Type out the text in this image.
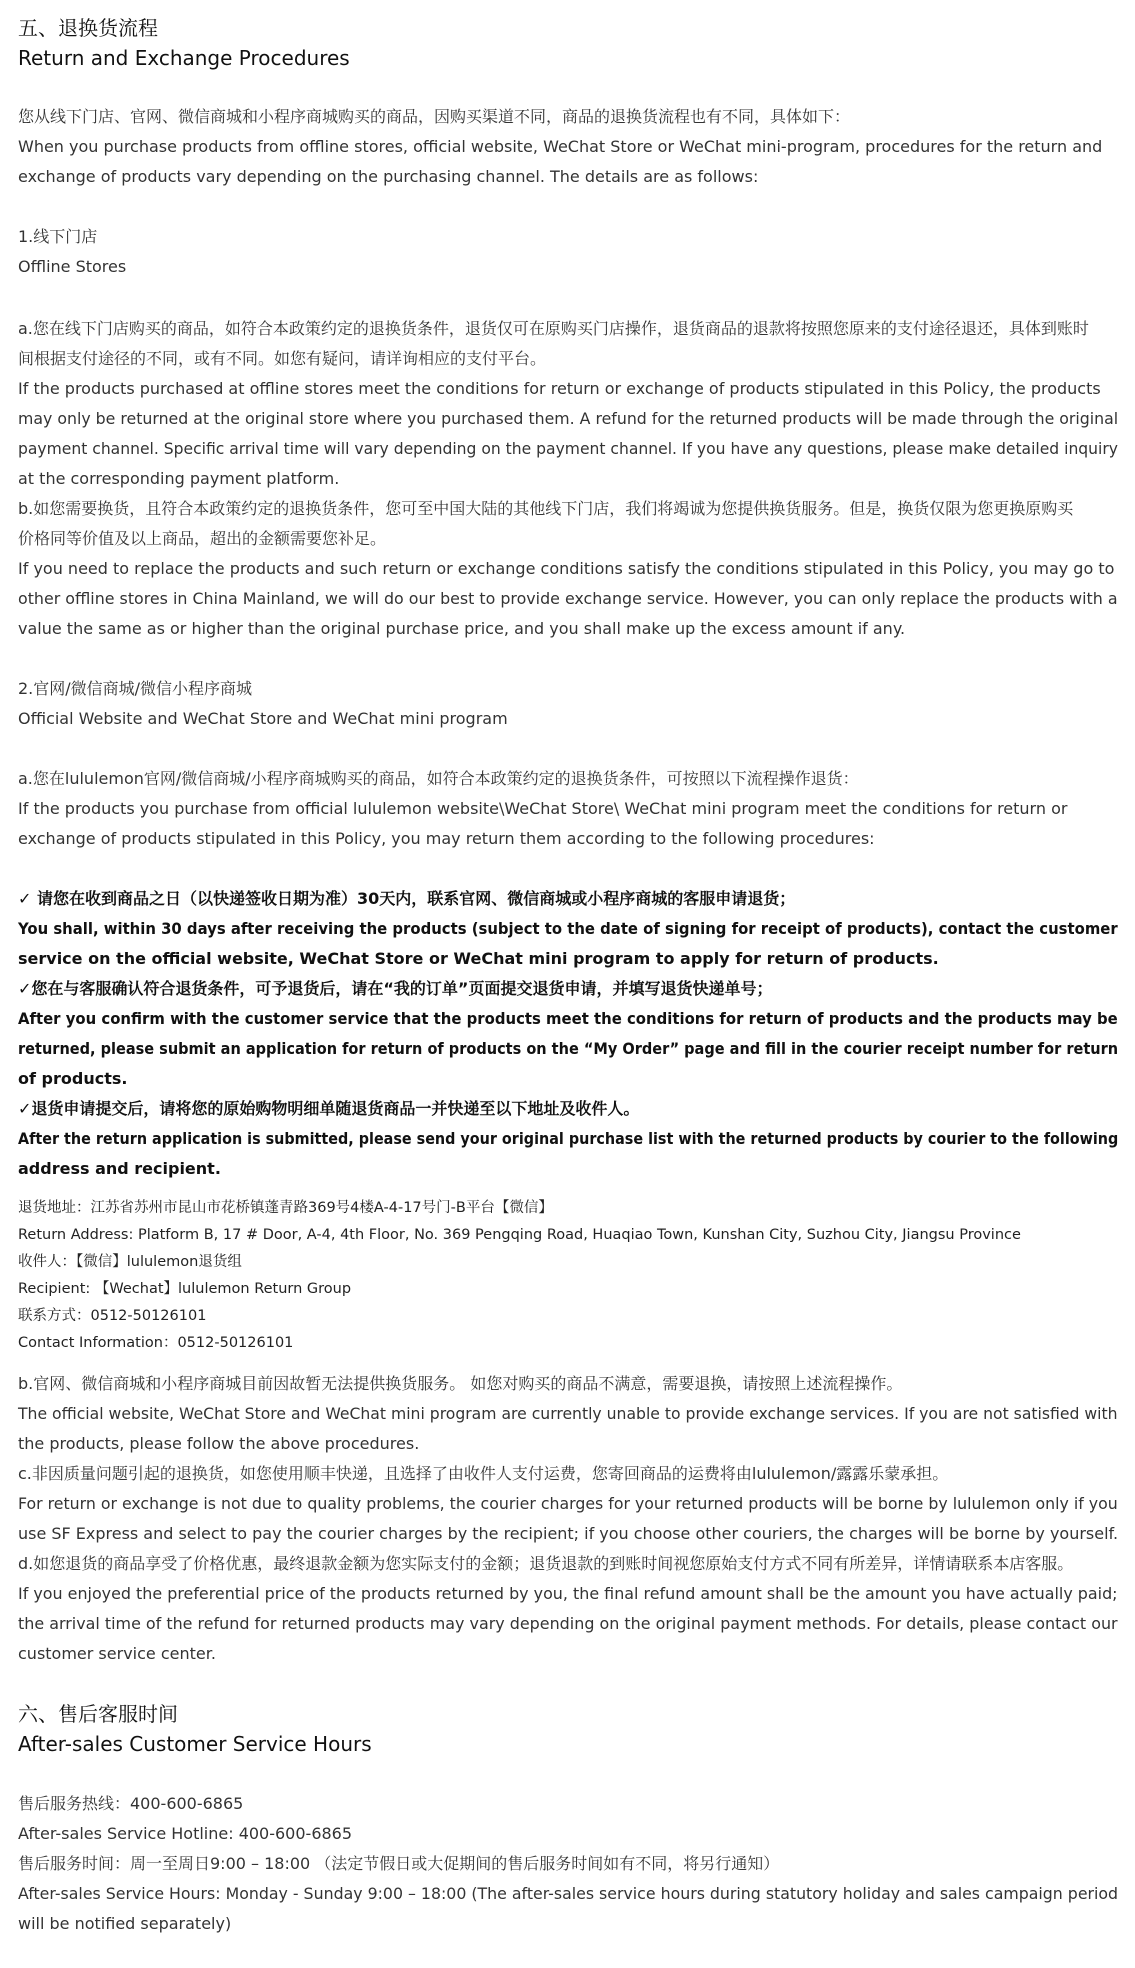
五、退换货流程
Return and Exchange Procedures
您从线下门店、官网、微信商城和小程序商城购买的商品，因购买渠道不同，商品的退换货流程也有不同，具体如下：
When you purchase products from offline stores, official website, WeChat Store or WeChat mini-program, procedures for the return and
exchange of products vary depending on the purchasing channel. The details are as follows:
1.线下门店
Offline Stores
a.您在线下门店购买的商品，如符合本政策约定的退换货条件，退货仅可在原购买门店操作，退货商品的退款将按照您原来的支付途径退还，具体到账时
间根据支付途径的不同，或有不同。如您有疑问，请详询相应的支付平台。
If the products purchased at offline stores meet the conditions for return or exchange of products stipulated in this Policy, the products
may only be returned at the original store where you purchased them. A refund for the returned products will be made through the original
payment channel. Specific arrival time will vary depending on the payment channel. If you have any questions, please make detailed inquiry
at the corresponding payment platform.
b.如您需要换货，且符合本政策约定的退换货条件，您可至中国大陆的其他线下门店，我们将竭诚为您提供换货服务。但是，换货仅限为您更换原购买
价格同等价值及以上商品，超出的金额需要您补足。
If you need to replace the products and such return or exchange conditions satisfy the conditions stipulated in this Policy, you may go to
other offline stores in China Mainland, we will do our best to provide exchange service. However, you can only replace the products with a
value the same as or higher than the original purchase price, and you shall make up the excess amount if any.
2.官网/微信商城/微信小程序商城
Official Website and WeChat Store and WeChat mini program
a.您在lululemon官网/微信商城/小程序商城购买的商品，如符合本政策约定的退换货条件，可按照以下流程操作退货：
If the products you purchase from official lululemon website\WeChat Store\ WeChat mini program meet the conditions for return or
exchange of products stipulated in this Policy, you may return them according to the following procedures:
✓ 请您在收到商品之日（以快递签收日期为准）30天内，联系官网、微信商城或小程序商城的客服申请退货；
You shall, within 30 days after receiving the products (subject to the date of signing for receipt of products), contact the customer
service on the official website, WeChat Store or WeChat mini program to apply for return of products.
✓您在与客服确认符合退货条件，可予退货后，请在“我的订单”页面提交退货申请，并填写退货快递单号；
After you confirm with the customer service that the products meet the conditions for return of products and the products may be
returned, please submit an application for return of products on the “My Order” page and fill in the courier receipt number for return
of products.
✓退货申请提交后，请将您的原始购物明细单随退货商品一并快递至以下地址及收件人。
After the return application is submitted, please send your original purchase list with the returned products by courier to the following
address and recipient.
退货地址：江苏省苏州市昆山市花桥镇蓬青路369号4楼A-4-17号门-B平台【微信】
Return Address: Platform B, 17 # Door, A-4, 4th Floor, No. 369 Pengqing Road, Huaqiao Town, Kunshan City, Suzhou City, Jiangsu Province
收件人：【微信】lululemon退货组
Recipient: 【Wechat】lululemon Return Group
联系方式：0512-50126101
Contact Information：0512-50126101
b.官网、微信商城和小程序商城目前因故暂无法提供换货服务。 如您对购买的商品不满意，需要退换，请按照上述流程操作。
The official website, WeChat Store and WeChat mini program are currently unable to provide exchange services. If you are not satisfied with
the products, please follow the above procedures.
c.非因质量问题引起的退换货，如您使用顺丰快递，且选择了由收件人支付运费，您寄回商品的运费将由lululemon/露露乐蒙承担。
For return or exchange is not due to quality problems, the courier charges for your returned products will be borne by lululemon only if you
use SF Express and select to pay the courier charges by the recipient; if you choose other couriers, the charges will be borne by yourself.
d.如您退货的商品享受了价格优惠，最终退款金额为您实际支付的金额；退货退款的到账时间视您原始支付方式不同有所差异，详情请联系本店客服。
If you enjoyed the preferential price of the products returned by you, the final refund amount shall be the amount you have actually paid;
the arrival time of the refund for returned products may vary depending on the original payment methods. For details, please contact our
customer service center.
六、售后客服时间
After-sales Customer Service Hours
售后服务热线：400-600-6865
After-sales Service Hotline: 400-600-6865
售后服务时间：周一至周日9:00 – 18:00 （法定节假日或大促期间的售后服务时间如有不同，将另行通知）
After-sales Service Hours: Monday - Sunday 9:00 – 18:00 (The after-sales service hours during statutory holiday and sales campaign period
will be notified separately)
